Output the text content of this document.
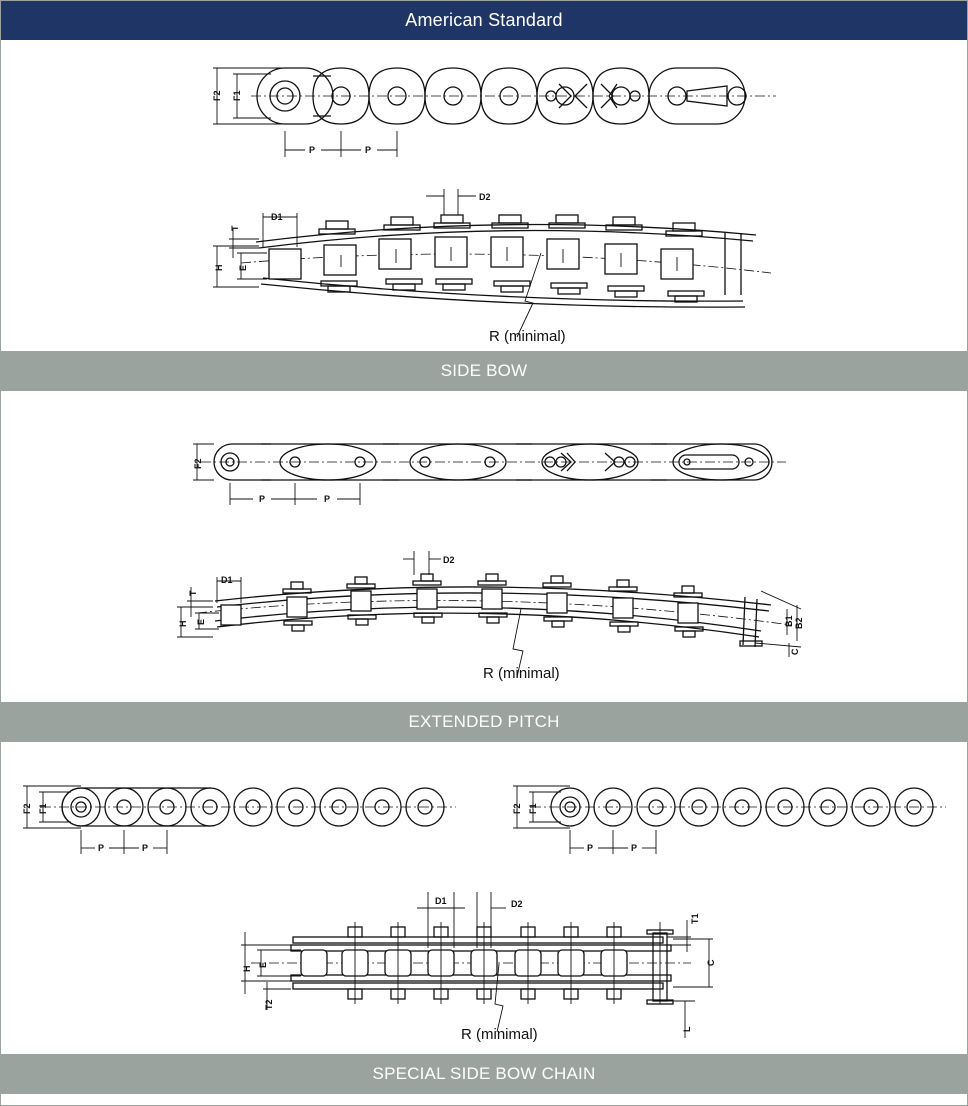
American Standard
F2 F1
P	P
D1
D2
T
H E
R (minimal)
SIDE BOW
F2
P	P
D1
D2
T
H E	B1 B2
C
R (minimal)
EXTENDED PITCH
F2 F1
P	P
F2 F1
P	P
D1	D2
H
E
T2
T1
C
L
R (minimal)
SPECIAL SIDE BOW CHAIN
